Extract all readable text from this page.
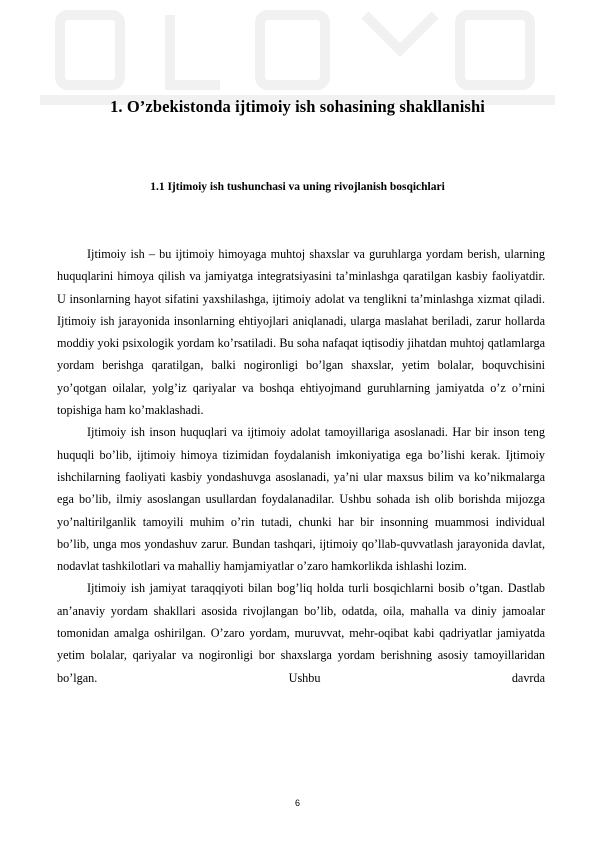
1. O’zbekistonda ijtimoiy ish sohasining shakllanishi
1.1 Ijtimoiy ish tushunchasi va uning rivojlanish bosqichlari

Ijtimoiy ish – bu ijtimoiy himoyaga muhtoj shaxslar va guruhlarga yordam berish, ularning huquqlarini himoya qilish va jamiyatga integratsiyasini ta’minlashga qaratilgan kasbiy faoliyatdir. U insonlarning hayot sifatini yaxshilashga, ijtimoiy adolat va tenglikni ta’minlashga xizmat qiladi. Ijtimoiy ish jarayonida insonlarning ehtiyojlari aniqlanadi, ularga maslahat beriladi, zarur hollarda moddiy yoki psixologik yordam ko’rsatiladi. Bu soha nafaqat iqtisodiy jihatdan muhtoj qatlamlarga yordam berishga qaratilgan, balki nogironligi bo’lgan shaxslar, yetim bolalar, boquvchisini yo’qotgan oilalar, yolg’iz qariyalar va boshqa ehtiyojmand guruhlarning jamiyatda o’z o’rnini topishiga ham ko’maklashadi.

Ijtimoiy ish inson huquqlari va ijtimoiy adolat tamoyillariga asoslanadi. Har bir inson teng huquqli bo’lib, ijtimoiy himoya tizimidan foydalanish imkoniyatiga ega bo’lishi kerak. Ijtimoiy ishchilarning faoliyati kasbiy yondashuvga asoslanadi, ya’ni ular maxsus bilim va ko’nikmalarga ega bo’lib, ilmiy asoslangan usullardan foydalanadilar. Ushbu sohada ish olib borishda mijozga yo’naltirilganlik tamoyili muhim o’rin tutadi, chunki har bir insonning muammosi individual bo’lib, unga mos yondashuv zarur. Bundan tashqari, ijtimoiy qo’llab-quvvatlash jarayonida davlat, nodavlat tashkilotlari va mahalliy hamjamiyatlar o’zaro hamkorlikda ishlashi lozim.

Ijtimoiy ish jamiyat taraqqiyoti bilan bog’liq holda turli bosqichlarni bosib o’tgan. Dastlab an’anaviy yordam shakllari asosida rivojlangan bo’lib, odatda, oila, mahalla va diniy jamoalar tomonidan amalga oshirilgan. O’zaro yordam, muruvvat, mehr-oqibat kabi qadriyatlar jamiyatda yetim bolalar, qariyalar va nogironligi bor shaxslarga yordam berishning asosiy tamoyillaridan bo’lgan. Ushbu davrda

6
